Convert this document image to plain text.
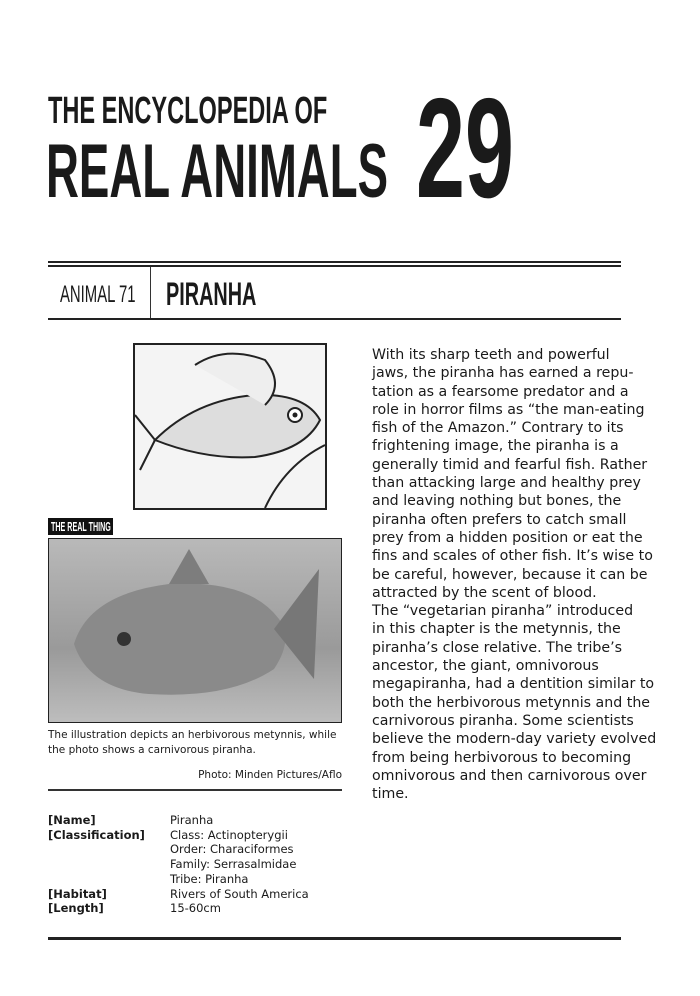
THE ENCYCLOPEDIA OF
REAL ANIMALS 29
ANIMAL 71 PIRANHA
THE REAL THING
The illustration depicts an herbivorous metynnis, while the photo shows a carnivorous piranha.
Photo: Minden Pictures/Aflo
[Name]
[Classification]
[Habitat]
[Length]
Piranha
Class: Actinopterygii
Order: Characiformes
Family: Serrasalmidae
Tribe: Piranha
Rivers of South America
15-60cm
With its sharp teeth and powerful
jaws, the piranha has earned a repu-
tation as a fearsome predator and a
role in horror films as “the man-eating
fish of the Amazon.” Contrary to its
frightening image, the piranha is a
generally timid and fearful fish. Rather
than attacking large and healthy prey
and leaving nothing but bones, the
piranha often prefers to catch small
prey from a hidden position or eat the
fins and scales of other fish. It’s wise to
be careful, however, because it can be
attracted by the scent of blood.
The “vegetarian piranha” introduced
in this chapter is the metynnis, the
piranha’s close relative. The tribe’s
ancestor, the giant, omnivorous
megapiranha, had a dentition similar to
both the herbivorous metynnis and the
carnivorous piranha. Some scientists
believe the modern-day variety evolved
from being herbivorous to becoming
omnivorous and then carnivorous over
time.
